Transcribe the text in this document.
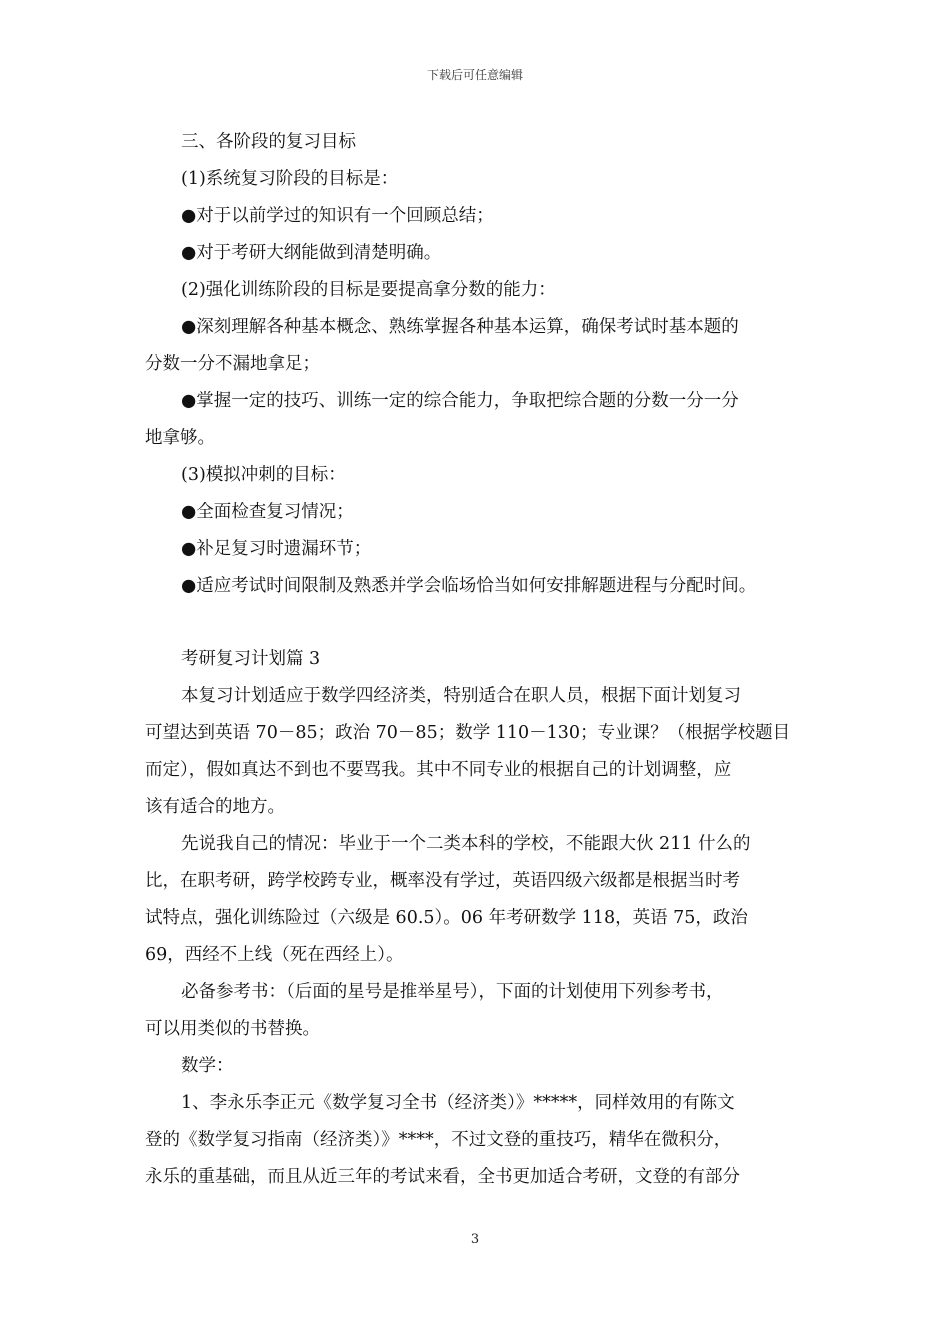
下载后可任意编辑
三、各阶段的复习目标
(1)系统复习阶段的目标是：
●对于以前学过的知识有一个回顾总结；
●对于考研大纲能做到清楚明确。
(2)强化训练阶段的目标是要提高拿分数的能力：
●深刻理解各种基本概念、熟练掌握各种基本运算，确保考试时基本题的
分数一分不漏地拿足；
●掌握一定的技巧、训练一定的综合能力，争取把综合题的分数一分一分
地拿够。
(3)模拟冲刺的目标：
●全面检查复习情况；
●补足复习时遗漏环节；
●适应考试时间限制及熟悉并学会临场恰当如何安排解题进程与分配时间。
考研复习计划篇 3
本复习计划适应于数学四经济类，特别适合在职人员，根据下面计划复习
可望达到英语 70－85；政治 70－85；数学 110－130；专业课？（根据学校题目
而定），假如真达不到也不要骂我。其中不同专业的根据自己的计划调整，应
该有适合的地方。
先说我自己的情况：毕业于一个二类本科的学校，不能跟大伙 211 什么的
比，在职考研，跨学校跨专业，概率没有学过，英语四级六级都是根据当时考
试特点，强化训练险过（六级是 60.5）。06 年考研数学 118，英语 75，政治
69，西经不上线（死在西经上）。
必备参考书：（后面的星号是推举星号），下面的计划使用下列参考书，
可以用类似的书替换。
数学：
1、李永乐李正元《数学复习全书（经济类）》*****，同样效用的有陈文
登的《数学复习指南（经济类）》****，不过文登的重技巧，精华在微积分，
永乐的重基础，而且从近三年的考试来看，全书更加适合考研，文登的有部分
3
